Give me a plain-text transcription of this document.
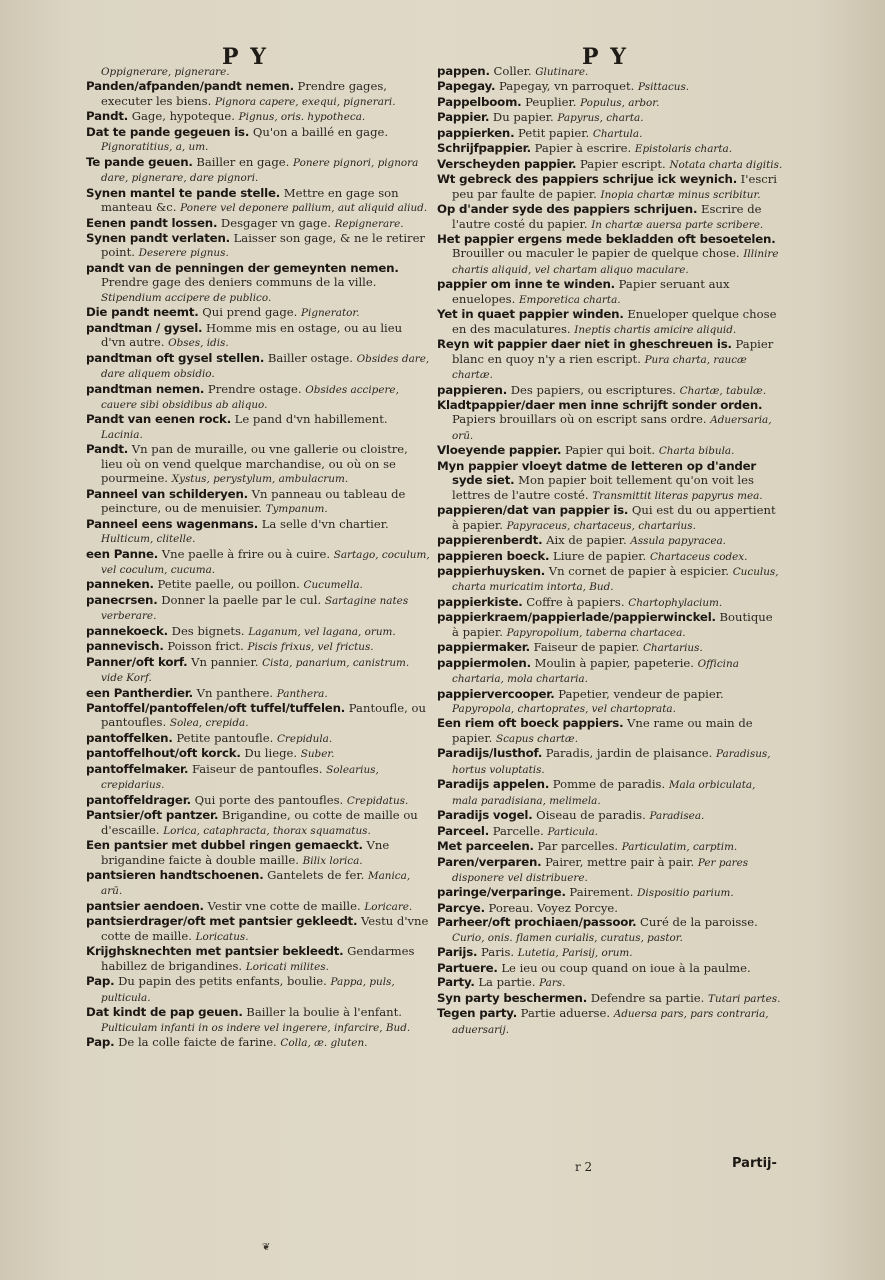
P Y	P Y

Oppignerare, pignerare.

Panden/afpanden/pandt nemen. Prendre gages, executer les biens. Pignora capere, exequi, pignerari.

Pandt. Gage, hypoteque. Pignus, oris. hypotheca.

Dat te pande gegeuen is. Qu'on a baillé en gage. Pignoratitius, a, um.

Te pande geuen. Bailler en gage. Ponere pignori, pignora dare, pignerare, dare pignori.

Synen mantel te pande stelle. Mettre en gage son manteau &c. Ponere vel deponere pallium, aut aliquid aliud.

Eenen pandt lossen. Desgager vn gage. Repignerare.

Synen pandt verlaten. Laisser son gage, & ne le retirer point. Deserere pignus.

pandt van de penningen der gemeynten nemen. Prendre gage des deniers communs de la ville. Stipendium accipere de publico.

Die pandt neemt. Qui prend gage. Pignerator.

pandtman / gysel. Homme mis en ostage, ou au lieu d'vn autre. Obses, idis.

pandtman oft gysel stellen. Bailler ostage. Obsides dare, dare aliquem obsidio.

pandtman nemen. Prendre ostage. Obsides accipere, cauere sibi obsidibus ab aliquo.

Pandt van eenen rock. Le pand d'vn habillement. Lacinia.

Pandt. Vn pan de muraille, ou vne gallerie ou cloistre, lieu où on vend quelque marchandise, ou où on se pourmeine. Xystus, perystylum, ambulacrum.

Panneel van schilderyen. Vn panneau ou tableau de peincture, ou de menuisier. Tympanum.

Panneel eens wagenmans. La selle d'vn chartier. Hulticum, clitelle.

een Panne. Vne paelle à frire ou à cuire. Sartago, coculum, vel coculum, cucuma.

panneken. Petite paelle, ou poillon. Cucumella.

panecrsen. Donner la paelle par le cul. Sartagine nates verberare.

pannekoeck. Des bignets. Laganum, vel lagana, orum.

pannevisch. Poisson frict. Piscis frixus, vel frictus.

Panner/oft korf. Vn pannier. Cista, panarium, canistrum. vide Korf.

een Pantherdier. Vn panthere. Panthera.

Pantoffel/pantoffelen/oft tuffel/tuffelen. Pantoufle, ou pantoufles. Solea, crepida.

pantoffelken. Petite pantoufle. Crepidula.

pantoffelhout/oft korck. Du liege. Suber.

pantoffelmaker. Faiseur de pantoufles. Solearius, crepidarius.

pantoffeldrager. Qui porte des pantoufles. Crepidatus.

Pantsier/oft pantzer. Brigandine, ou cotte de maille ou d'escaille. Lorica, cataphracta, thorax squamatus.

Een pantsier met dubbel ringen gemaeckt. Vne brigandine faicte à double maille. Bilix lorica.

pantsieren handtschoenen. Gantelets de fer. Manica, arū.

pantsier aendoen. Vestir vne cotte de maille. Loricare.

pantsierdrager/oft met pantsier gekleedt. Vestu d'vne cotte de maille. Loricatus.

Krijghsknechten met pantsier bekleedt. Gendarmes habillez de brigandines. Loricati milites.

Pap. Du papin des petits enfants, boulie. Pappa, puls, pulticula.

Dat kindt de pap geuen. Bailler la boulie à l'enfant. Pulticulam infanti in os indere vel ingerere, infarcire, Bud.

Pap. De la colle faicte de farine. Colla, æ. gluten.

pappen. Coller. Glutinare.

Papegay. Papegay, vn parroquet. Psittacus.

Pappelboom. Peuplier. Populus, arbor.

Pappier. Du papier. Papyrus, charta.

pappierken. Petit papier. Chartula.

Schrijfpappier. Papier à escrire. Epistolaris charta.

Verscheyden pappier. Papier escript. Notata charta digitis.

Wt gebreck des pappiers schrijue ick weynich. I'escri peu par faulte de papier. Inopia chartæ minus scribitur.

Op d'ander syde des pappiers schrijuen. Escrire de l'autre costé du papier. In chartæ auersa parte scribere.

Het pappier ergens mede bekladden oft besoetelen. Brouiller ou maculer le papier de quelque chose. Illinire chartis aliquid, vel chartam aliquo maculare.

pappier om inne te winden. Papier seruant aux enuelopes. Emporetica charta.

Yet in quaet pappier winden. Enueloper quelque chose en des maculatures. Ineptis chartis amicire aliquid.

Reyn wit pappier daer niet in gheschreuen is. Papier blanc en quoy n'y a rien escript. Pura charta, raucæ chartæ.

pappieren. Des papiers, ou escriptures. Chartæ, tabulæ.

Kladtpappier/daer men inne schrijft sonder orden. Papiers brouillars où on escript sans ordre. Aduersaria, orū.

Vloeyende pappier. Papier qui boit. Charta bibula.

Myn pappier vloeyt datme de letteren op d'ander syde siet. Mon papier boit tellement qu'on voit les lettres de l'autre costé. Transmittit literas papyrus mea.

pappieren/dat van pappier is. Qui est du ou appertient à papier. Papyraceus, chartaceus, chartarius.

pappierenberdt. Aix de papier. Assula papyracea.

pappieren boeck. Liure de papier. Chartaceus codex.

pappierhuysken. Vn cornet de papier à espicier. Cuculus, charta muricatim intorta, Bud.

pappierkiste. Coffre à papiers. Chartophylacium.

pappierkraem/pappierlade/pappierwinckel. Boutique à papier. Papyropolium, taberna chartacea.

pappiermaker. Faiseur de papier. Chartarius.

pappiermolen. Moulin à papier, papeterie. Officina chartaria, mola chartaria.

pappiervercooper. Papetier, vendeur de papier. Papyropola, chartoprates, vel chartoprata.

Een riem oft boeck pappiers. Vne rame ou main de papier. Scapus chartæ.

Paradijs/lusthof. Paradis, jardin de plaisance. Paradisus, hortus voluptatis.

Paradijs appelen. Pomme de paradis. Mala orbiculata, mala paradisiana, melimela.

Paradijs vogel. Oiseau de paradis. Paradisea.

Parceel. Parcelle. Particula.

Met parceelen. Par parcelles. Particulatim, carptim.

Paren/verparen. Pairer, mettre pair à pair. Per pares disponere vel distribuere.

paringe/verparinge. Pairement. Dispositio parium.

Parcye. Poreau. Voyez Porcye.

Parheer/oft prochiaen/passoor. Curé de la paroisse. Curio, onis. flamen curialis, curatus, pastor.

Parijs. Paris. Lutetia, Parisij, orum.

Partuere. Le ieu ou coup quand on ioue à la paulme.

Party. La partie. Pars.

Syn party beschermen. Defendre sa partie. Tutari partes.

Tegen party. Partie aduerse. Aduersa pars, pars contraria, aduersarij.

r 2	Partij-
❦
